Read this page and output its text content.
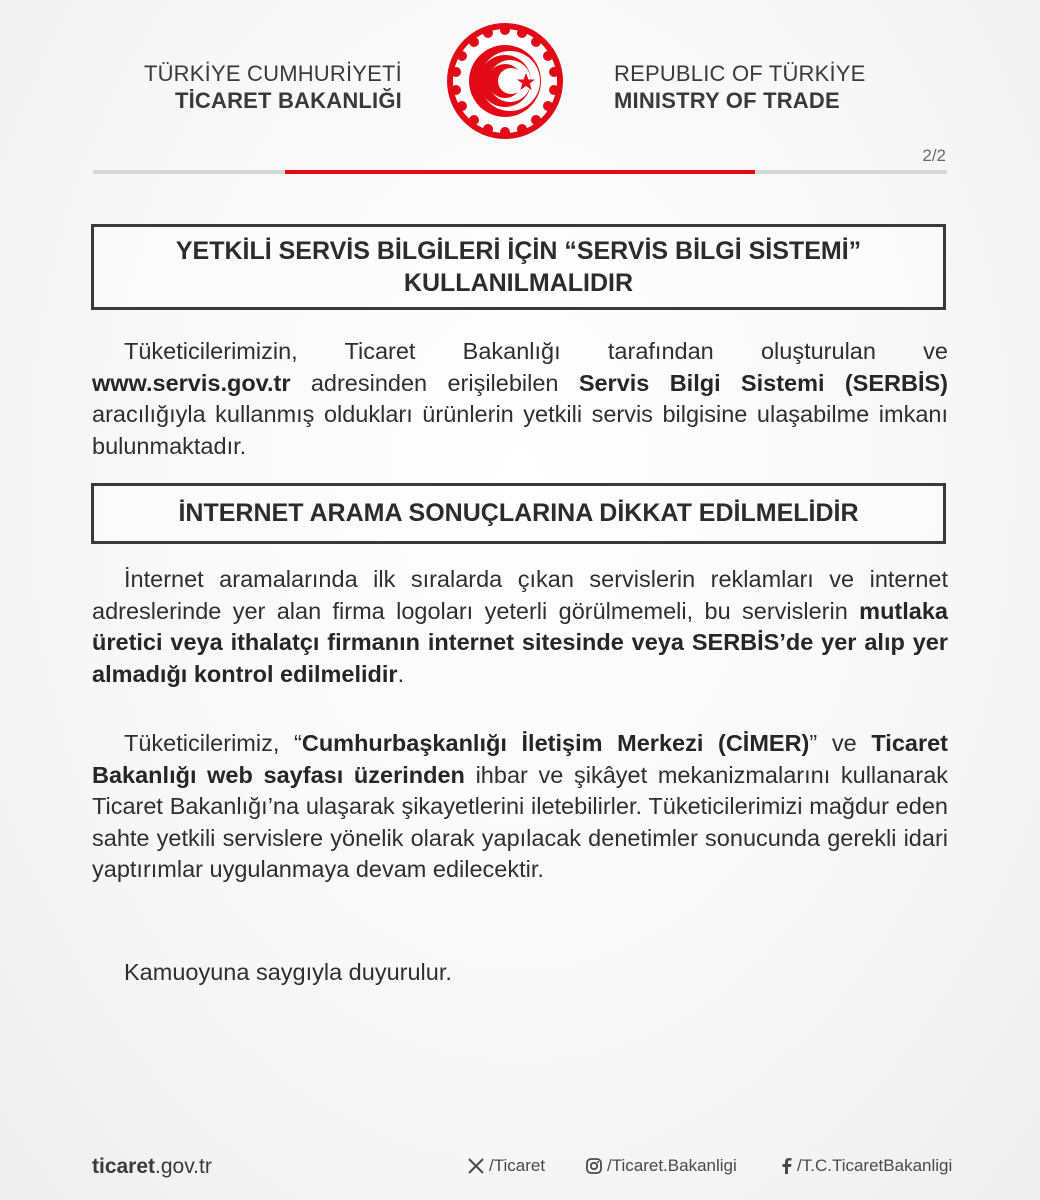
TÜRKİYE CUMHURİYETİ
TİCARET BAKANLIĞI
REPUBLIC OF TÜRKİYE
MINISTRY OF TRADE
2/2
YETKİLİ SERVİS BİLGİLERİ İÇİN “SERVİS BİLGİ SİSTEMİ”
KULLANILMALIDIR
Tüketicilerimizin, Ticaret Bakanlığı tarafından oluşturulan ve www.servis.gov.tr adresinden erişilebilen Servis Bilgi Sistemi (SERBİS) aracılığıyla kullanmış oldukları ürünlerin yetkili servis bilgisine ulaşabilme imkanı bulunmaktadır.
İNTERNET ARAMA SONUÇLARINA DİKKAT EDİLMELİDİR
İnternet aramalarında ilk sıralarda çıkan servislerin reklamları ve internet adreslerinde yer alan firma logoları yeterli görülmemeli, bu servislerin mutlaka üretici veya ithalatçı firmanın internet sitesinde veya SERBİS’de yer alıp yer almadığı kontrol edilmelidir.
Tüketicilerimiz, “Cumhurbaşkanlığı İletişim Merkezi (CİMER)” ve Ticaret Bakanlığı web sayfası üzerinden ihbar ve şikâyet mekanizmalarını kullanarak Ticaret Bakanlığı’na ulaşarak şikayetlerini iletebilirler. Tüketicilerimizi mağdur eden sahte yetkili servislere yönelik olarak yapılacak denetimler sonucunda gerekli idari yaptırımlar uygulanmaya devam edilecektir.
Kamuoyuna saygıyla duyurulur.
ticaret.gov.tr	/Ticaret	/Ticaret.Bakanligi	/T.C.TicaretBakanligi
